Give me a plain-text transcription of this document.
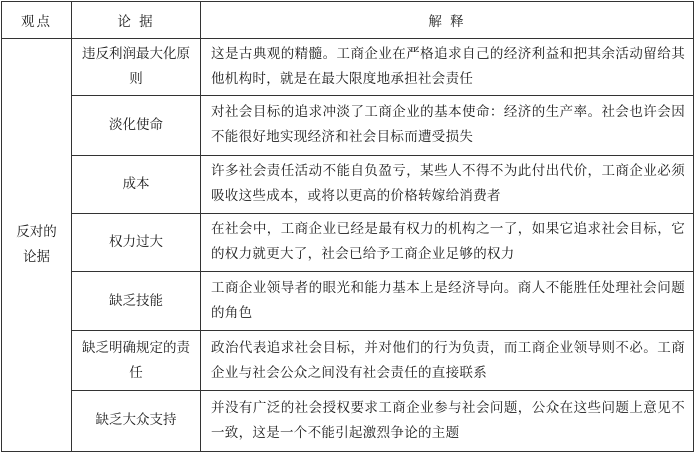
观点	论 据	解 释
反对的论据	违反利润最大化原则	这是古典观的精髓。工商企业在严格追求自己的经济利益和把其余活动留给其他机构时，就是在最大限度地承担社会责任
	淡化使命	对社会目标的追求冲淡了工商企业的基本使命：经济的生产率。社会也许会因不能很好地实现经济和社会目标而遭受损失
	成本	许多社会责任活动不能自负盈亏，某些人不得不为此付出代价，工商企业必须吸收这些成本，或将以更高的价格转嫁给消费者
	权力过大	在社会中，工商企业已经是最有权力的机构之一了，如果它追求社会目标，它的权力就更大了，社会已给予工商企业足够的权力
	缺乏技能	工商企业领导者的眼光和能力基本上是经济导向。商人不能胜任处理社会问题的角色
	缺乏明确规定的责任	政治代表追求社会目标，并对他们的行为负责，而工商企业领导则不必。工商企业与社会公众之间没有社会责任的直接联系
	缺乏大众支持	并没有广泛的社会授权要求工商企业参与社会问题，公众在这些问题上意见不一致，这是一个不能引起激烈争论的主题
